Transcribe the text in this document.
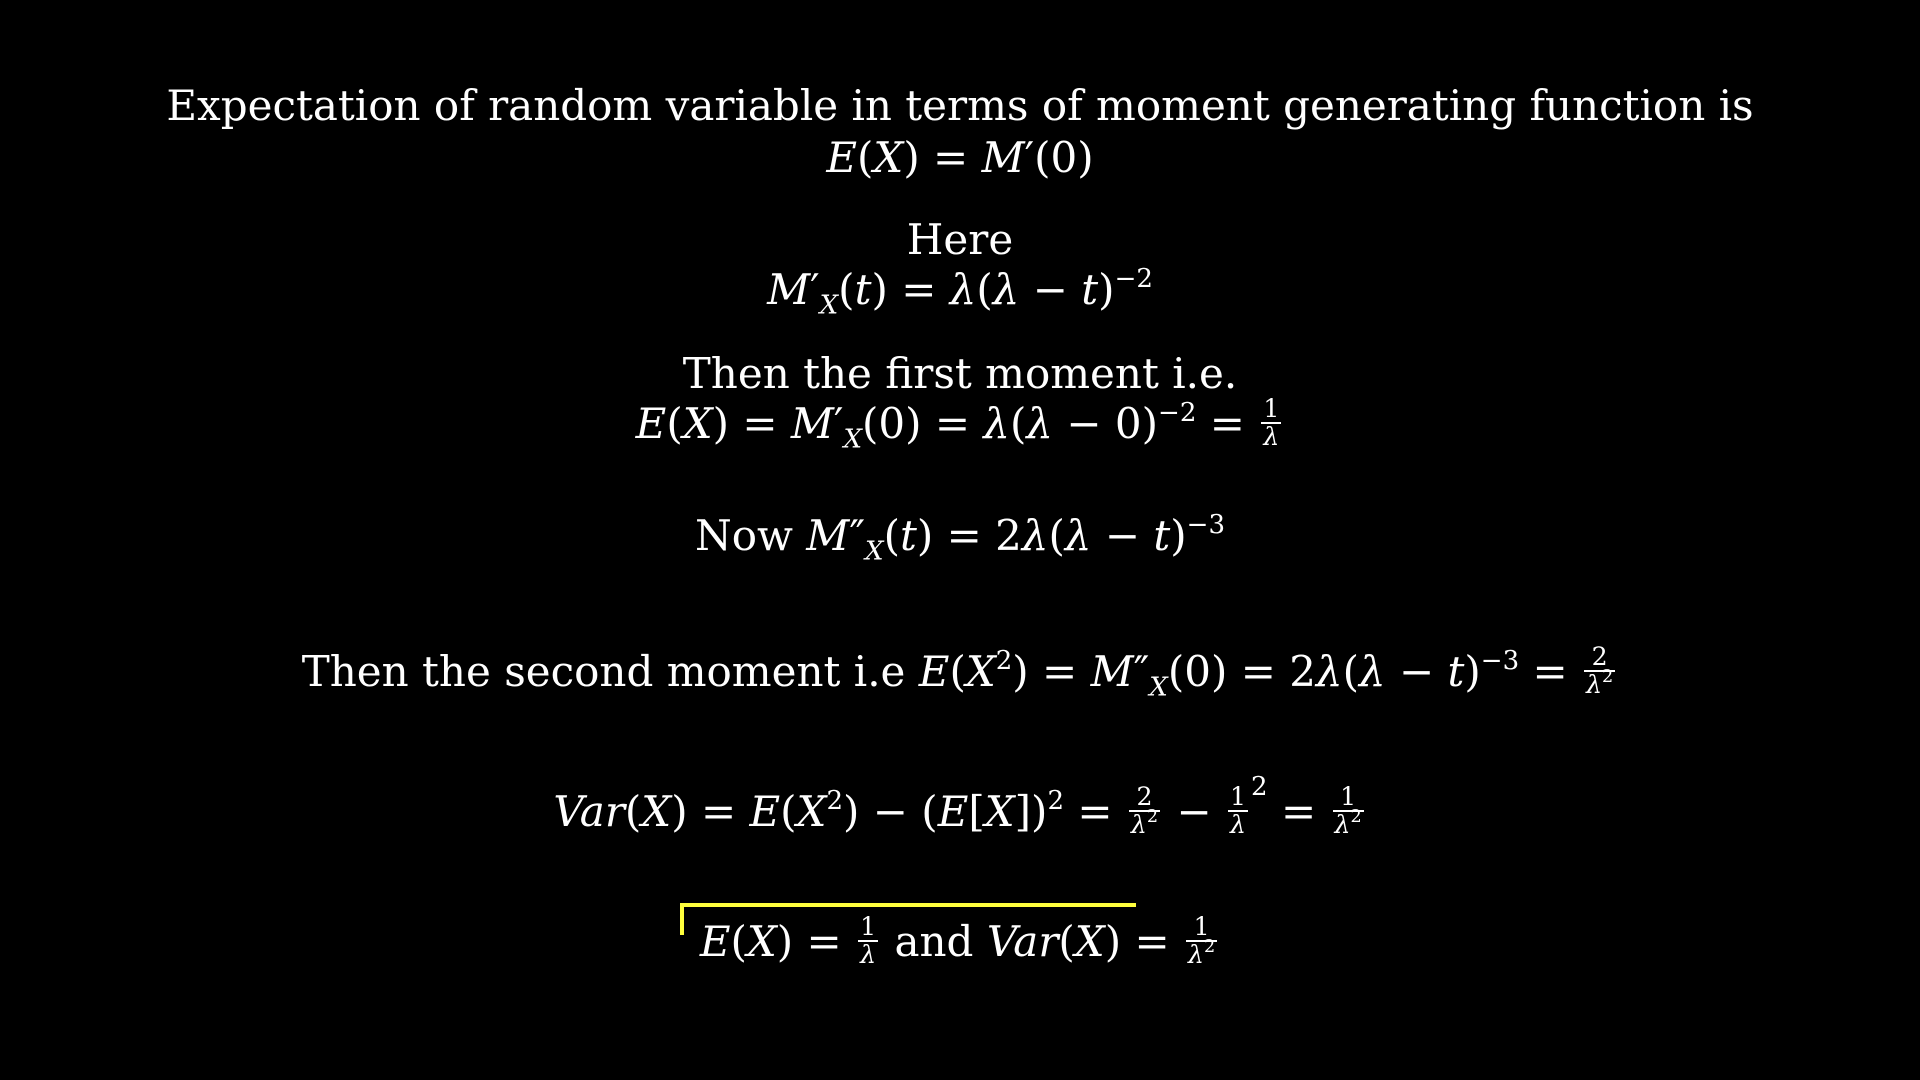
Expectation of random variable in terms of moment generating function is
E(X) = M′(0)
Here
$M'_X(t) = \lambda(\lambda - t)^{-2}$
Then the first moment i.e.
$E(X) = M'_X(0) = \lambda(\lambda - 0)^{-2} = \frac{1}{\lambda}$
Now $M''_X(t) = 2\lambda(\lambda - t)^{-3}$
Then the second moment i.e $E(X^2) = M''_X(0) = 2\lambda(\lambda - t)^{-3} = \frac{2}{\lambda^2}$
$Var(X) = E(X^2) - (E[X])^2 = \frac{2}{\lambda^2} - \frac{1}{\lambda} ^2 = \frac{1}{\lambda^2}$
$E(X) = \frac{1}{\lambda}$ and $Var(X) = \frac{1}{\lambda^2}$
